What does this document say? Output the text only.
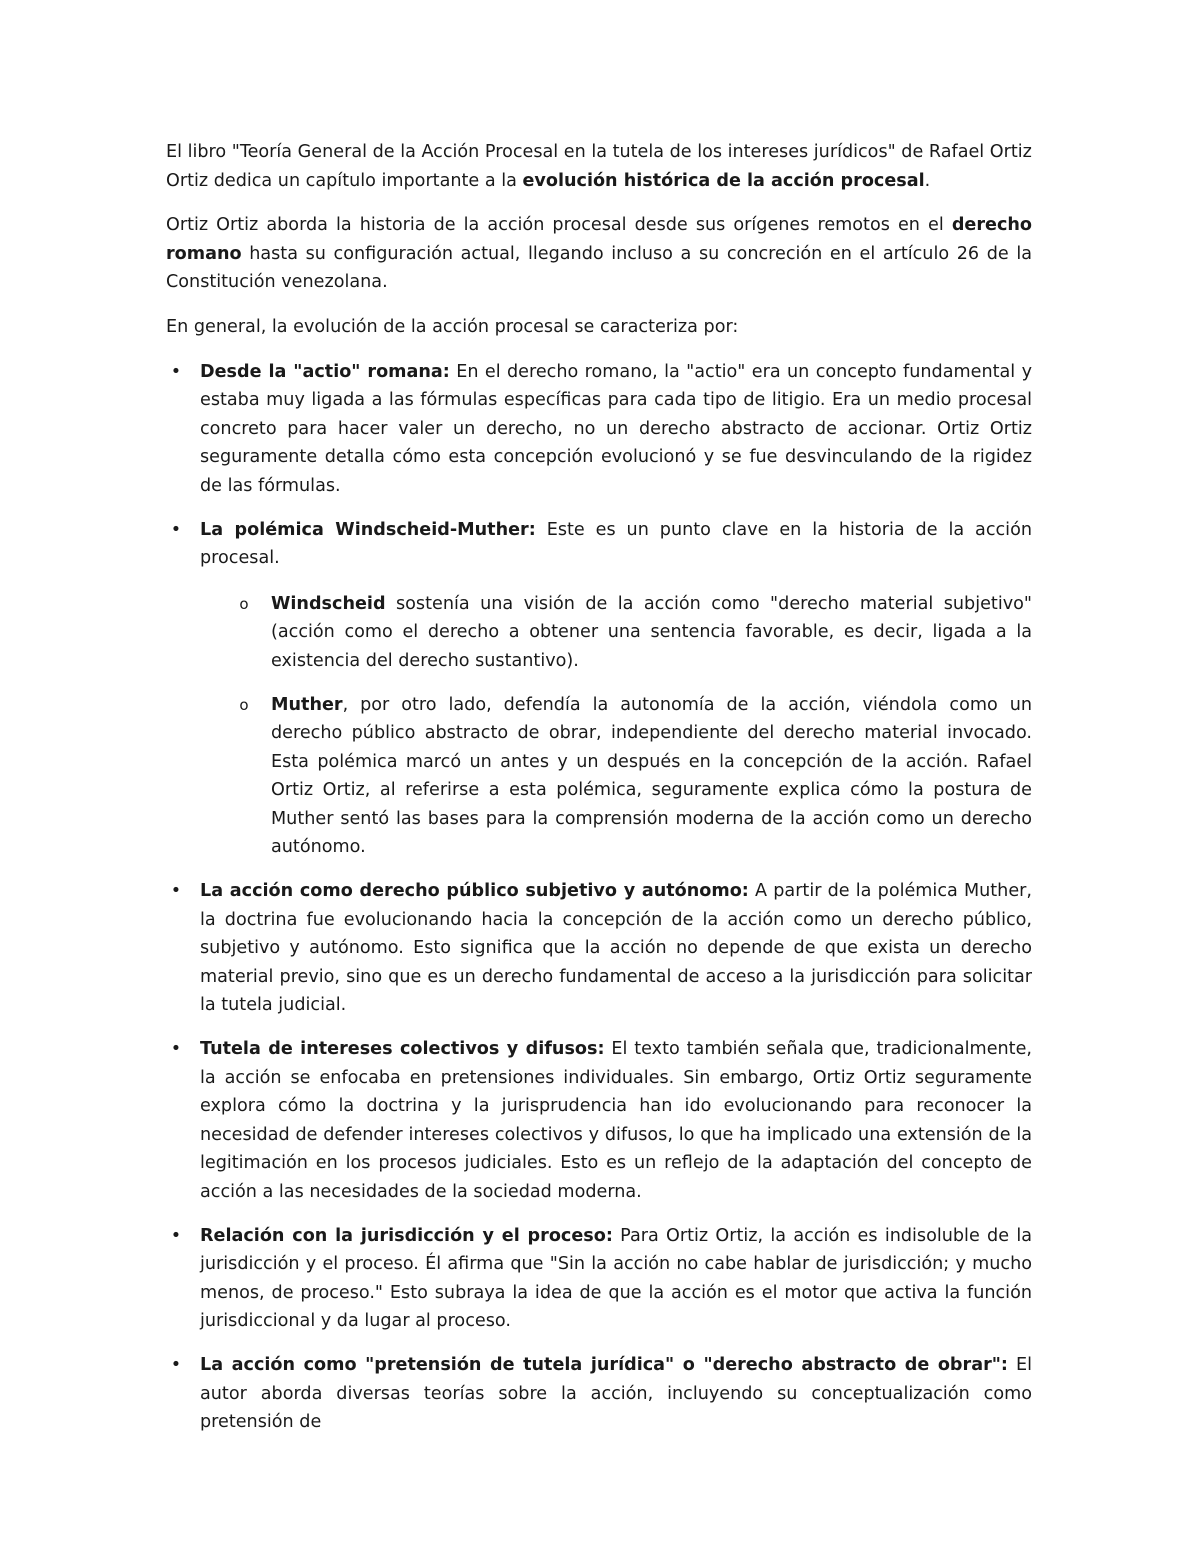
El libro "Teoría General de la Acción Procesal en la tutela de los intereses jurídicos" de Rafael Ortiz Ortiz dedica un capítulo importante a la evolución histórica de la acción procesal.

Ortiz Ortiz aborda la historia de la acción procesal desde sus orígenes remotos en el derecho romano hasta su configuración actual, llegando incluso a su concreción en el artículo 26 de la Constitución venezolana.

En general, la evolución de la acción procesal se caracteriza por:

• Desde la "actio" romana: En el derecho romano, la "actio" era un concepto fundamental y estaba muy ligada a las fórmulas específicas para cada tipo de litigio. Era un medio procesal concreto para hacer valer un derecho, no un derecho abstracto de accionar. Ortiz Ortiz seguramente detalla cómo esta concepción evolucionó y se fue desvinculando de la rigidez de las fórmulas.
• La polémica Windscheid-Muther: Este es un punto clave en la historia de la acción procesal.
o	Windscheid sostenía una visión de la acción como "derecho material subjetivo" (acción como el derecho a obtener una sentencia favorable, es decir, ligada a la existencia del derecho sustantivo).
o	Muther, por otro lado, defendía la autonomía de la acción, viéndola como un derecho público abstracto de obrar, independiente del derecho material invocado. Esta polémica marcó un antes y un después en la concepción de la acción. Rafael Ortiz Ortiz, al referirse a esta polémica, seguramente explica cómo la postura de Muther sentó las bases para la comprensión moderna de la acción como un derecho autónomo.
• La acción como derecho público subjetivo y autónomo: A partir de la polémica Muther, la doctrina fue evolucionando hacia la concepción de la acción como un derecho público, subjetivo y autónomo. Esto significa que la acción no depende de que exista un derecho material previo, sino que es un derecho fundamental de acceso a la jurisdicción para solicitar la tutela judicial.
• Tutela de intereses colectivos y difusos: El texto también señala que, tradicionalmente, la acción se enfocaba en pretensiones individuales. Sin embargo, Ortiz Ortiz seguramente explora cómo la doctrina y la jurisprudencia han ido evolucionando para reconocer la necesidad de defender intereses colectivos y difusos, lo que ha implicado una extensión de la legitimación en los procesos judiciales. Esto es un reflejo de la adaptación del concepto de acción a las necesidades de la sociedad moderna.
• Relación con la jurisdicción y el proceso: Para Ortiz Ortiz, la acción es indisoluble de la jurisdicción y el proceso. Él afirma que "Sin la acción no cabe hablar de jurisdicción; y mucho menos, de proceso." Esto subraya la idea de que la acción es el motor que activa la función jurisdiccional y da lugar al proceso.
• La acción como "pretensión de tutela jurídica" o "derecho abstracto de obrar": El autor aborda diversas teorías sobre la acción, incluyendo su conceptualización como pretensión de
